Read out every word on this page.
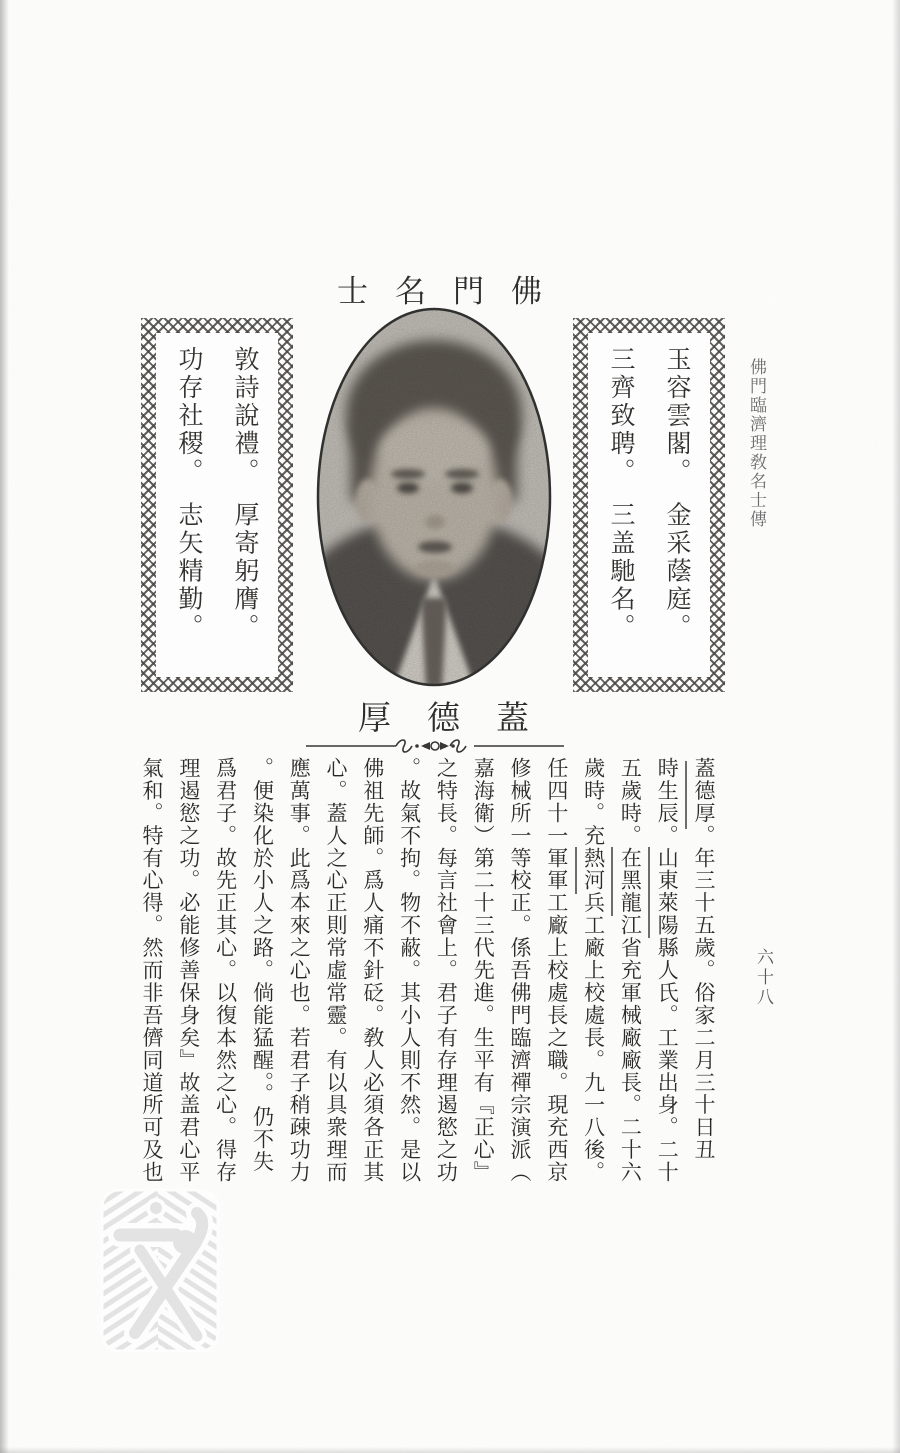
士名門佛
玉容雲閣。　金采蔭庭。
三齊致聘。　三盖馳名。
敦詩說禮。　厚寄躬膺。
功存社稷。　志矢精勤。	佛門臨濟理敎名士傳
六十八
厚德蓋
蓋德厚。年三十五歲。俗家二月三十日丑
時生辰。山東萊陽縣人氏。工業出身。二十
五歲時。在黑龍江省充軍械廠廠長。二十六
歲時。充熱河兵工廠上校處長。九一八後。
任四十一軍軍工廠上校處長之職。現充西京
修械所一等校正。係吾佛門臨濟禪宗演派（
嘉海衛）第二十三代先進。生平有『正心』
之特長。每言社會上。君子有存理遏慾之功
。故氣不拘。物不蔽。其小人則不然。是以
佛祖先師。爲人痛不針砭。敎人必須各正其
心。蓋人之心正則常虛常靈。有以具衆理而
應萬事。此爲本來之心也。若君子稍疎功力
。便染化於小人之路。倘能猛醒。。仍不失
爲君子。故先正其心。以復本然之心。得存
理遏慾之功。必能修善保身矣』故盖君心平
氣和。特有心得。然而非吾儕同道所可及也
